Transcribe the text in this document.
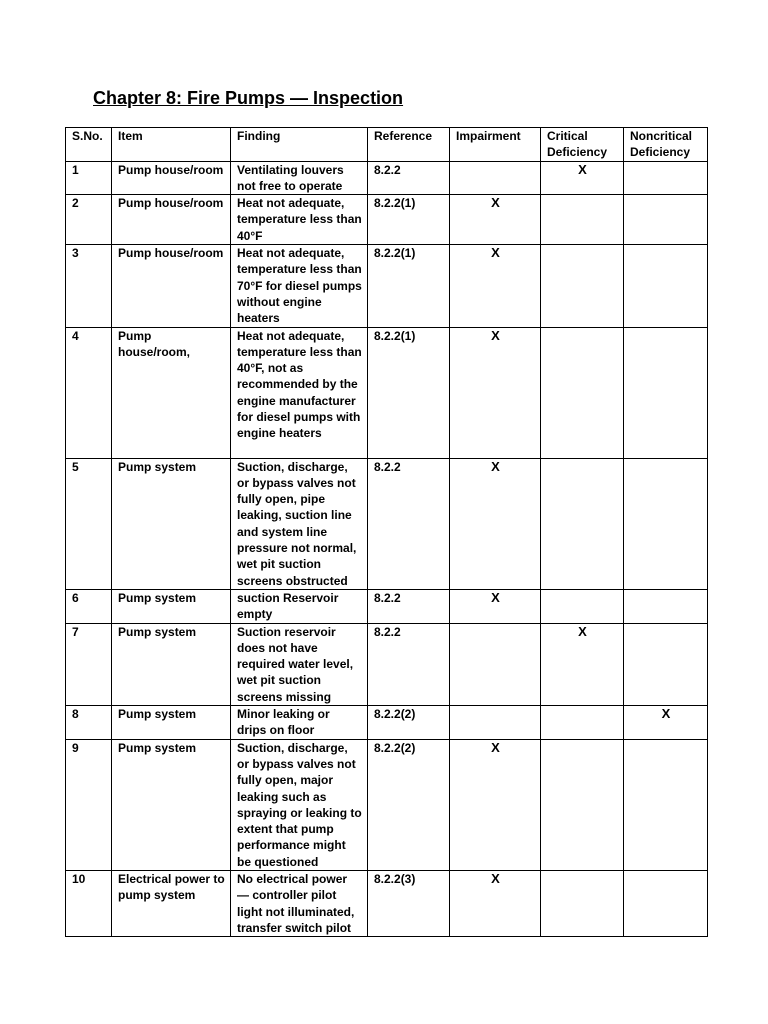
Chapter 8: Fire Pumps — Inspection
S.No.	Item	Finding	Reference	Impairment	Critical Deficiency	Noncritical Deficiency
1	Pump house/room	Ventilating louvers not free to operate	8.2.2		X	
2	Pump house/room	Heat not adequate, temperature less than 40°F	8.2.2(1)	X		
3	Pump house/room	Heat not adequate, temperature less than 70°F for diesel pumps without engine heaters	8.2.2(1)	X		
4	Pump house/room,	Heat not adequate, temperature less than 40°F, not as recommended by the engine manufacturer for diesel pumps with engine heaters	8.2.2(1)	X		
5	Pump system	Suction, discharge, or bypass valves not fully open, pipe leaking, suction line and system line pressure not normal, wet pit suction screens obstructed	8.2.2	X		
6	Pump system	suction Reservoir empty	8.2.2	X		
7	Pump system	Suction reservoir does not have required water level, wet pit suction screens missing	8.2.2		X	
8	Pump system	Minor leaking or drips on floor	8.2.2(2)			X
9	Pump system	Suction, discharge, or bypass valves not fully open, major leaking such as spraying or leaking to extent that pump performance might be questioned	8.2.2(2)	X		
10	Electrical power to pump system	No electrical power — controller pilot light not illuminated, transfer switch pilot	8.2.2(3)	X		
